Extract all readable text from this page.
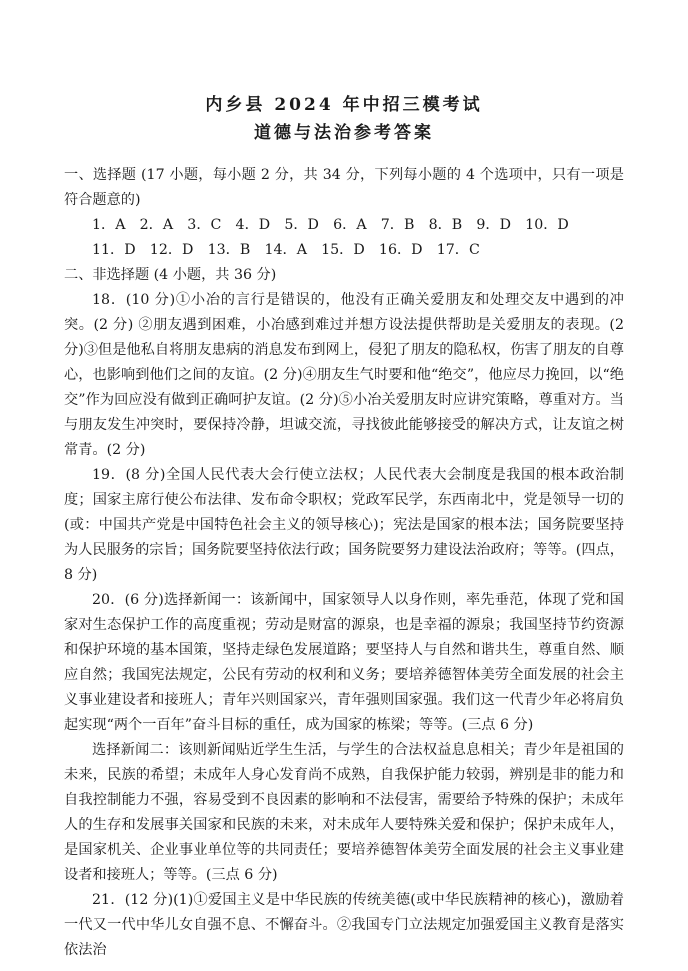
内乡县 2024 年中招三模考试
道德与法治参考答案

一、选择题 (17 小题，每小题 2 分，共 34 分，下列每小题的 4 个选项中，只有一项是符合题意的)

1．A　2．A　3．C　4．D　5．D　6．A　7．B　8．B　9．D　10．D

11．D　12．D　13．B　14．A　15．D　16．D　17．C

二、非选择题 (4 小题，共 36 分)

18．(10 分)①小冶的言行是错误的，他没有正确关爱朋友和处理交友中遇到的冲突。(2 分) ②朋友遇到困难，小冶感到难过并想方设法提供帮助是关爱朋友的表现。(2 分)③但是他私自将朋友患病的消息发布到网上，侵犯了朋友的隐私权，伤害了朋友的自尊心，也影响到他们之间的友谊。(2 分)④朋友生气时要和他“绝交”，他应尽力挽回，以“绝交”作为回应没有做到正确呵护友谊。(2 分)⑤小冶关爱朋友时应讲究策略，尊重对方。当与朋友发生冲突时，要保持冷静，坦诚交流，寻找彼此能够接受的解决方式，让友谊之树常青。(2 分)

19．(8 分)全国人民代表大会行使立法权；人民代表大会制度是我国的根本政治制度；国家主席行使公布法律、发布命令职权；党政军民学，东西南北中，党是领导一切的(或：中国共产党是中国特色社会主义的领导核心)；宪法是国家的根本法；国务院要坚持为人民服务的宗旨；国务院要坚持依法行政；国务院要努力建设法治政府；等等。(四点，8 分)

20．(6 分)选择新闻一：该新闻中，国家领导人以身作则，率先垂范，体现了党和国家对生态保护工作的高度重视；劳动是财富的源泉，也是幸福的源泉；我国坚持节约资源和保护环境的基本国策，坚持走绿色发展道路；要坚持人与自然和谐共生，尊重自然、顺应自然；我国宪法规定，公民有劳动的权利和义务；要培养德智体美劳全面发展的社会主义事业建设者和接班人；青年兴则国家兴，青年强则国家强。我们这一代青少年必将肩负起实现“两个一百年”奋斗目标的重任，成为国家的栋梁；等等。(三点 6 分)

选择新闻二：该则新闻贴近学生生活，与学生的合法权益息息相关；青少年是祖国的未来，民族的希望；未成年人身心发育尚不成熟，自我保护能力较弱，辨别是非的能力和自我控制能力不强，容易受到不良因素的影响和不法侵害，需要给予特殊的保护；未成年人的生存和发展事关国家和民族的未来，对未成年人要特殊关爱和保护；保护未成年人，是国家机关、企业事业单位等的共同责任；要培养德智体美劳全面发展的社会主义事业建设者和接班人；等等。(三点 6 分)

21．(12 分)(1)①爱国主义是中华民族的传统美德(或中华民族精神的核心)，激励着一代又一代中华儿女自强不息、不懈奋斗。②我国专门立法规定加强爱国主义教育是落实依法治
